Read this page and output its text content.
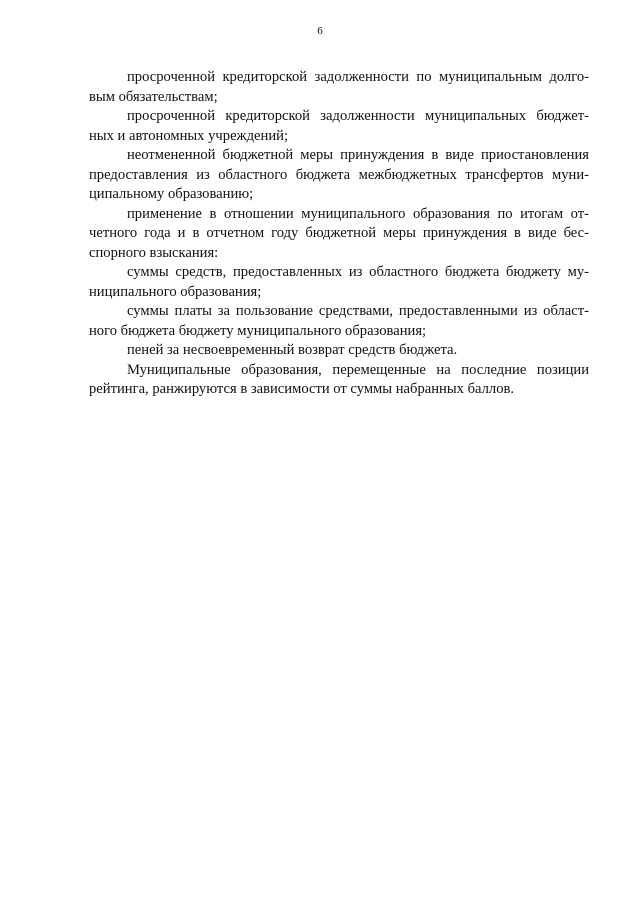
6
просроченной кредиторской задолженности по муниципальным долго-
вым обязательствам;
просроченной кредиторской задолженности муниципальных бюджет-
ных и автономных учреждений;
неотмененной бюджетной меры принуждения в виде приостановления
предоставления из областного бюджета межбюджетных трансфертов муни-
ципальному образованию;
применение в отношении муниципального образования по итогам от-
четного года и в отчетном году бюджетной меры принуждения в виде бес-
спорного взыскания:
суммы средств, предоставленных из областного бюджета бюджету му-
ниципального образования;
суммы платы за пользование средствами, предоставленными из област-
ного бюджета бюджету муниципального образования;
пеней за несвоевременный возврат средств бюджета.
Муниципальные образования, перемещенные на последние позиции
рейтинга, ранжируются в зависимости от суммы набранных баллов.
